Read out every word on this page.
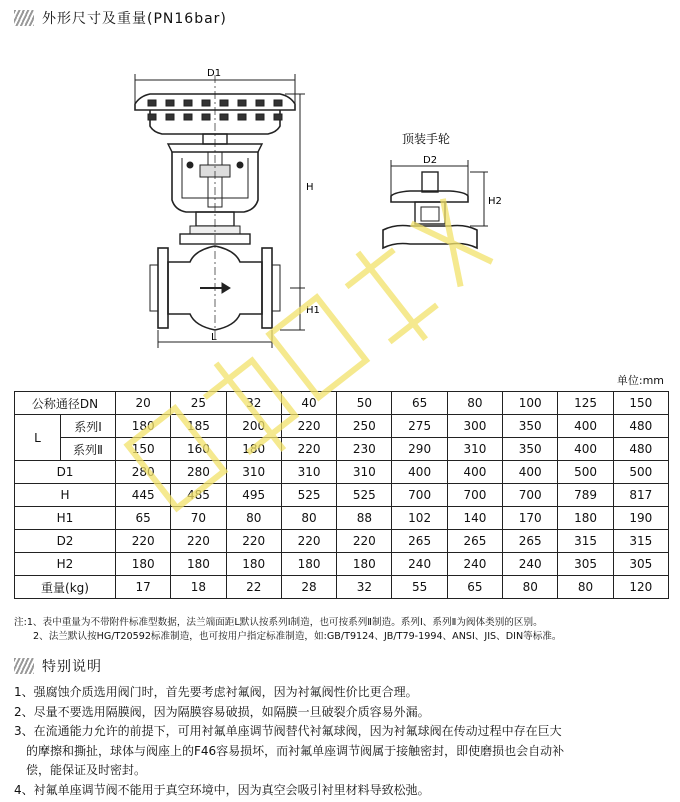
外形尺寸及重量(PN16bar)
D1
H
H1
L
顶装手轮
D2
H2
单位:mm
公称通径DN		20	25	32	40	50	65	80	100	125	150
L	系列Ⅰ	180	185	200	220	250	275	300	350	400	480
	系列Ⅱ	150	160	180	220	230	290	310	350	400	480
D1		280	280	310	310	310	400	400	400	500	500
H		445	485	495	525	525	700	700	700	789	817
H1		65	70	80	80	88	102	140	170	180	190
D2		220	220	220	220	220	265	265	265	315	315
H2		180	180	180	180	180	240	240	240	305	305
重量(kg)		17	18	22	28	32	55	65	80	80	120
注:1、表中重量为不带附件标准型数据，法兰端面距L默认按系列Ⅰ制造，也可按系列Ⅱ制造。系列Ⅰ、系列Ⅱ为阀体类别的区别。
2、法兰默认按HG/T20592标准制造，也可按用户指定标准制造，如:GB/T9124、JB/T79-1994、ANSI、JIS、DIN等标准。
特别说明
1、强腐蚀介质选用阀门时，首先要考虑衬氟阀，因为衬氟阀性价比更合理。
2、尽量不要选用隔膜阀，因为隔膜容易破损，如隔膜一旦破裂介质容易外漏。
3、在流通能力允许的前提下，可用衬氟单座调节阀替代衬氟球阀，因为衬氟球阀在传动过程中存在巨大
的摩擦和撕扯，球体与阀座上的F46容易损坏，而衬氟单座调节阀属于接触密封，即使磨损也会自动补
偿，能保证及时密封。
4、衬氟单座调节阀不能用于真空环境中，因为真空会吸引衬里材料导致松弛。
